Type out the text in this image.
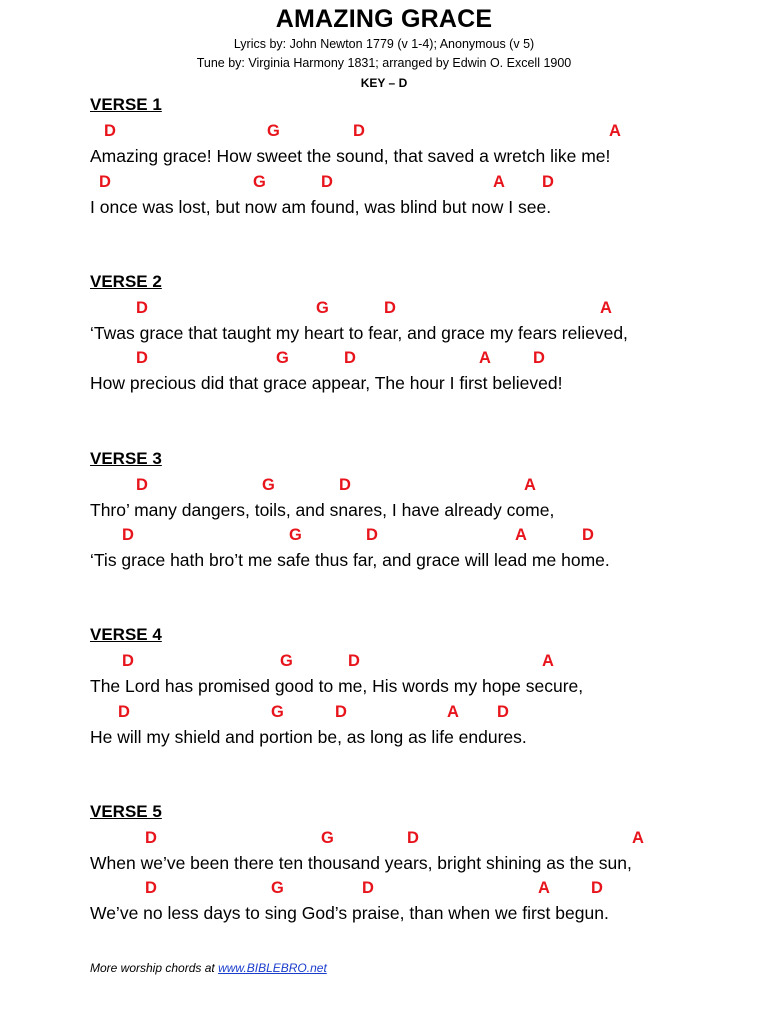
AMAZING GRACE
Lyrics by: John Newton 1779 (v 1-4); Anonymous (v 5)
Tune by: Virginia Harmony 1831; arranged by Edwin O. Excell 1900
KEY – D
VERSE 1
D	G	D	A
Amazing grace! How sweet the sound, that saved a wretch like me!
D	G	D	A D
I once was lost, but now am found, was blind but now I see.
VERSE 2
D	G	D	A
‘Twas grace that taught my heart to fear, and grace my fears relieved,
D	G	D	A	D
How precious did that grace appear, The hour I first believed!
VERSE 3
D	G	D	A
Thro’ many dangers, toils, and snares, I have already come,
D	G	D	A	D
‘Tis grace hath bro’t me safe thus far, and grace will lead me home.
VERSE 4
D	G	D	A
The Lord has promised good to me, His words my hope secure,
D	G	D	A D
He will my shield and portion be, as long as life endures.
VERSE 5
D	G	D	A
When we’ve been there ten thousand years, bright shining as the sun,
D	G	D	A D
We’ve no less days to sing God’s praise, than when we first begun.
More worship chords at www.BIBLEBRO.net
